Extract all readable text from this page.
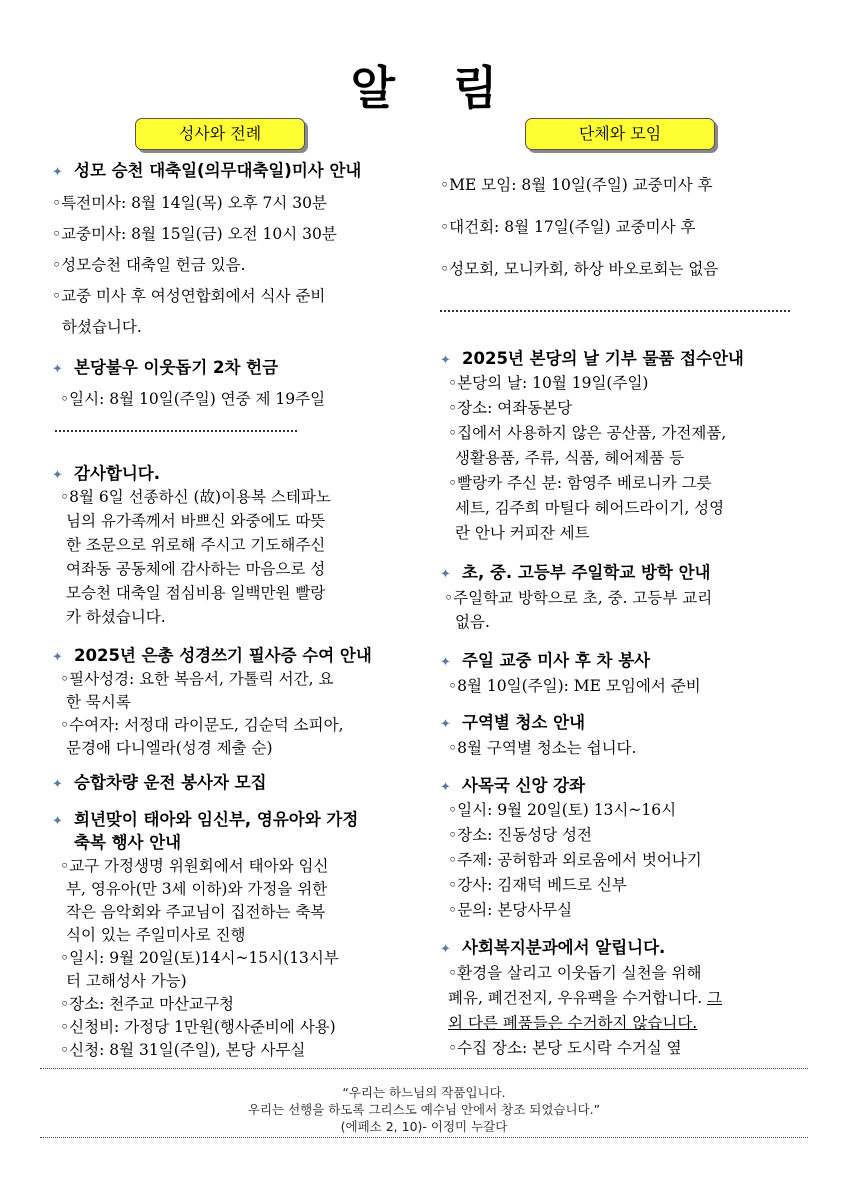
알림
성사와 전례	단체와 모임
✦ 성모 승천 대축일(의무대축일)미사 안내
◦특전미사: 8월 14일(목) 오후 7시 30분
◦교중미사: 8월 15일(금) 오전 10시 30분
◦성모승천 대축일 헌금 있음.
◦교중 미사 후 여성연합회에서 식사 준비
하셨습니다.
✦ 본당불우 이웃돕기 2차 헌금
◦일시: 8월 10일(주일) 연중 제 19주일
✦ 감사합니다.
◦8월 6일 선종하신 (故)이용복 스테파노
님의 유가족께서 바쁘신 와중에도 따뜻
한 조문으로 위로해 주시고 기도해주신
여좌동 공동체에 감사하는 마음으로 성
모승천 대축일 점심비용 일백만원 빨랑
카 하셨습니다.
✦ 2025년 은총 성경쓰기 필사증 수여 안내
◦필사성경: 요한 복음서, 가톨릭 서간, 요
한 묵시록
◦수여자: 서정대 라이문도, 김순덕 소피아,
문경애 다니엘라(성경 제출 순)
✦ 승합차량 운전 봉사자 모집
✦ 희년맞이 태아와 임신부, 영유아와 가정
축복 행사 안내
◦교구 가정생명 위원회에서 태아와 임신
부, 영유아(만 3세 이하)와 가정을 위한
작은 음악회와 주교님이 집전하는 축복
식이 있는 주일미사로 진행
◦일시: 9월 20일(토)14시~15시(13시부
터 고해성사 가능)
◦장소: 천주교 마산교구청
◦신청비: 가정당 1만원(행사준비에 사용)
◦신청: 8월 31일(주일), 본당 사무실
◦ME 모임: 8월 10일(주일) 교중미사 후
◦대건회: 8월 17일(주일) 교중미사 후
◦성모회, 모니카회, 하상 바오로회는 없음
✦ 2025년 본당의 날 기부 물품 접수안내
◦본당의 날: 10월 19일(주일)
◦장소: 여좌동본당
◦집에서 사용하지 않은 공산품, 가전제품,
생활용품, 주류, 식품, 헤어제품 등
◦빨랑카 주신 분: 함영주 베로니카 그릇
세트, 김주희 마틸다 헤어드라이기, 성영
란 안나 커피잔 세트
✦ 초, 중. 고등부 주일학교 방학 안내
◦주일학교 방학으로 초, 중. 고등부 교리
없음.
✦ 주일 교중 미사 후 차 봉사
◦8월 10일(주일): ME 모임에서 준비
✦ 구역별 청소 안내
◦8월 구역별 청소는 쉽니다.
✦ 사목국 신앙 강좌
◦일시: 9월 20일(토) 13시~16시
◦장소: 진동성당 성전
◦주제: 공허함과 외로움에서 벗어나기
◦강사: 김재덕 베드로 신부
◦문의: 본당사무실
✦ 사회복지분과에서 알립니다.
◦환경을 살리고 이웃돕기 실천을 위해
폐유, 폐건전지, 우유팩을 수거합니다. 그
외 다른 폐품들은 수거하지 않습니다.
◦수집 장소: 본당 도시락 수거실 옆
“우리는 하느님의 작품입니다.
우리는 선행을 하도록 그리스도 예수님 안에서 창조 되었습니다.”
(에페소 2, 10)- 이정미 누갈다
